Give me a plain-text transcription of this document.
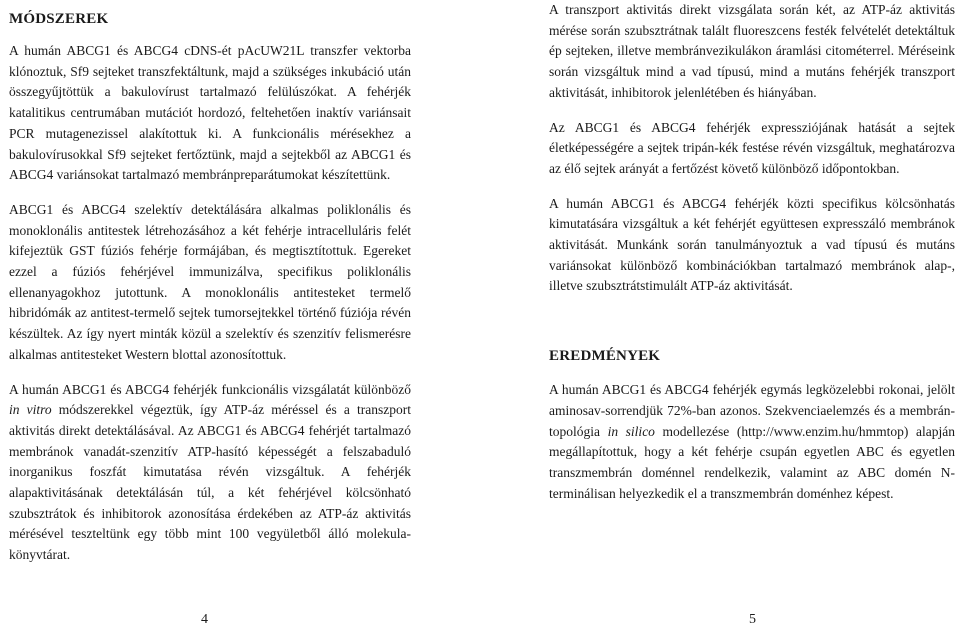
MÓDSZEREK

A humán ABCG1 és ABCG4 cDNS-ét pAcUW21L transzfer vektorba klónoztuk, Sf9 sejteket transzfektáltunk, majd a szükséges inkubáció után összegyűjtöttük a bakulovírust tartalmazó felülúszókat. A fehérjék katalitikus centrumában mutációt hordozó, feltehetően inaktív variánsait PCR mutagenezissel alakítottuk ki. A funkcionális mérésekhez a bakulovírusokkal Sf9 sejteket fertőztünk, majd a sejtekből az ABCG1 és ABCG4 variánsokat tartalmazó membránpreparátumokat készítettünk.

ABCG1 és ABCG4 szelektív detektálására alkalmas poliklonális és monoklonális antitestek létrehozásához a két fehérje intracelluláris felét kifejeztük GST fúziós fehérje formájában, és megtisztítottuk. Egereket ezzel a fúziós fehérjével immunizálva, specifikus poliklonális ellenanyagokhoz jutottunk. A monoklonális antitesteket termelő hibridómák az antitest-termelő sejtek tumorsejtekkel történő fúziója révén készültek. Az így nyert minták közül a szelektív és szenzitív felismerésre alkalmas antitesteket Western blottal azonosítottuk.

A humán ABCG1 és ABCG4 fehérjék funkcionális vizsgálatát különböző in vitro módszerekkel végeztük, így ATP-áz méréssel és a transzport aktivitás direkt detektálásával. Az ABCG1 és ABCG4 fehérjét tartalmazó membránok vanadát-szenzitív ATP-hasító képességét a felszabaduló inorganikus foszfát kimutatása révén vizsgáltuk. A fehérjék alapaktivitásának detektálásán túl, a két fehérjével kölcsönható szubsztrátok és inhibitorok azonosítása érdekében az ATP-áz aktivitás mérésével teszteltünk egy több mint 100 vegyületből álló molekulakönyvtárat.

A transzport aktivitás direkt vizsgálata során két, az ATP-áz aktivitás mérése során szubsztrátnak talált fluoreszcens festék felvételét detektáltuk ép sejteken, illetve membránvezikulákon áramlási citométerrel. Méréseink során vizsgáltuk mind a vad típusú, mind a mutáns fehérjék transzport aktivitását, inhibitorok jelenlétében és hiányában.

Az ABCG1 és ABCG4 fehérjék expressziójának hatását a sejtek életképességére a sejtek tripán-kék festése révén vizsgáltuk, meghatározva az élő sejtek arányát a fertőzést követő különböző időpontokban.

A humán ABCG1 és ABCG4 fehérjék közti specifikus kölcsönhatás kimutatására vizsgáltuk a két fehérjét együttesen expresszáló membránok aktivitását. Munkánk során tanulmányoztuk a vad típusú és mutáns variánsokat különböző kombinációkban tartalmazó membránok alap-, illetve szubsztrátstimulált ATP-áz aktivitását.

EREDMÉNYEK

A humán ABCG1 és ABCG4 fehérjék egymás legközelebbi rokonai, jelölt aminosav-sorrendjük 72%-ban azonos. Szekvenciaelemzés és a membrán-topológia in silico modellezése (http://www.enzim.hu/hmmtop) alapján megállapítottuk, hogy a két fehérje csupán egyetlen ABC és egyetlen transzmembrán doménnel rendelkezik, valamint az ABC domén N-terminálisan helyezkedik el a transzmembrán doménhez képest.

4	5
